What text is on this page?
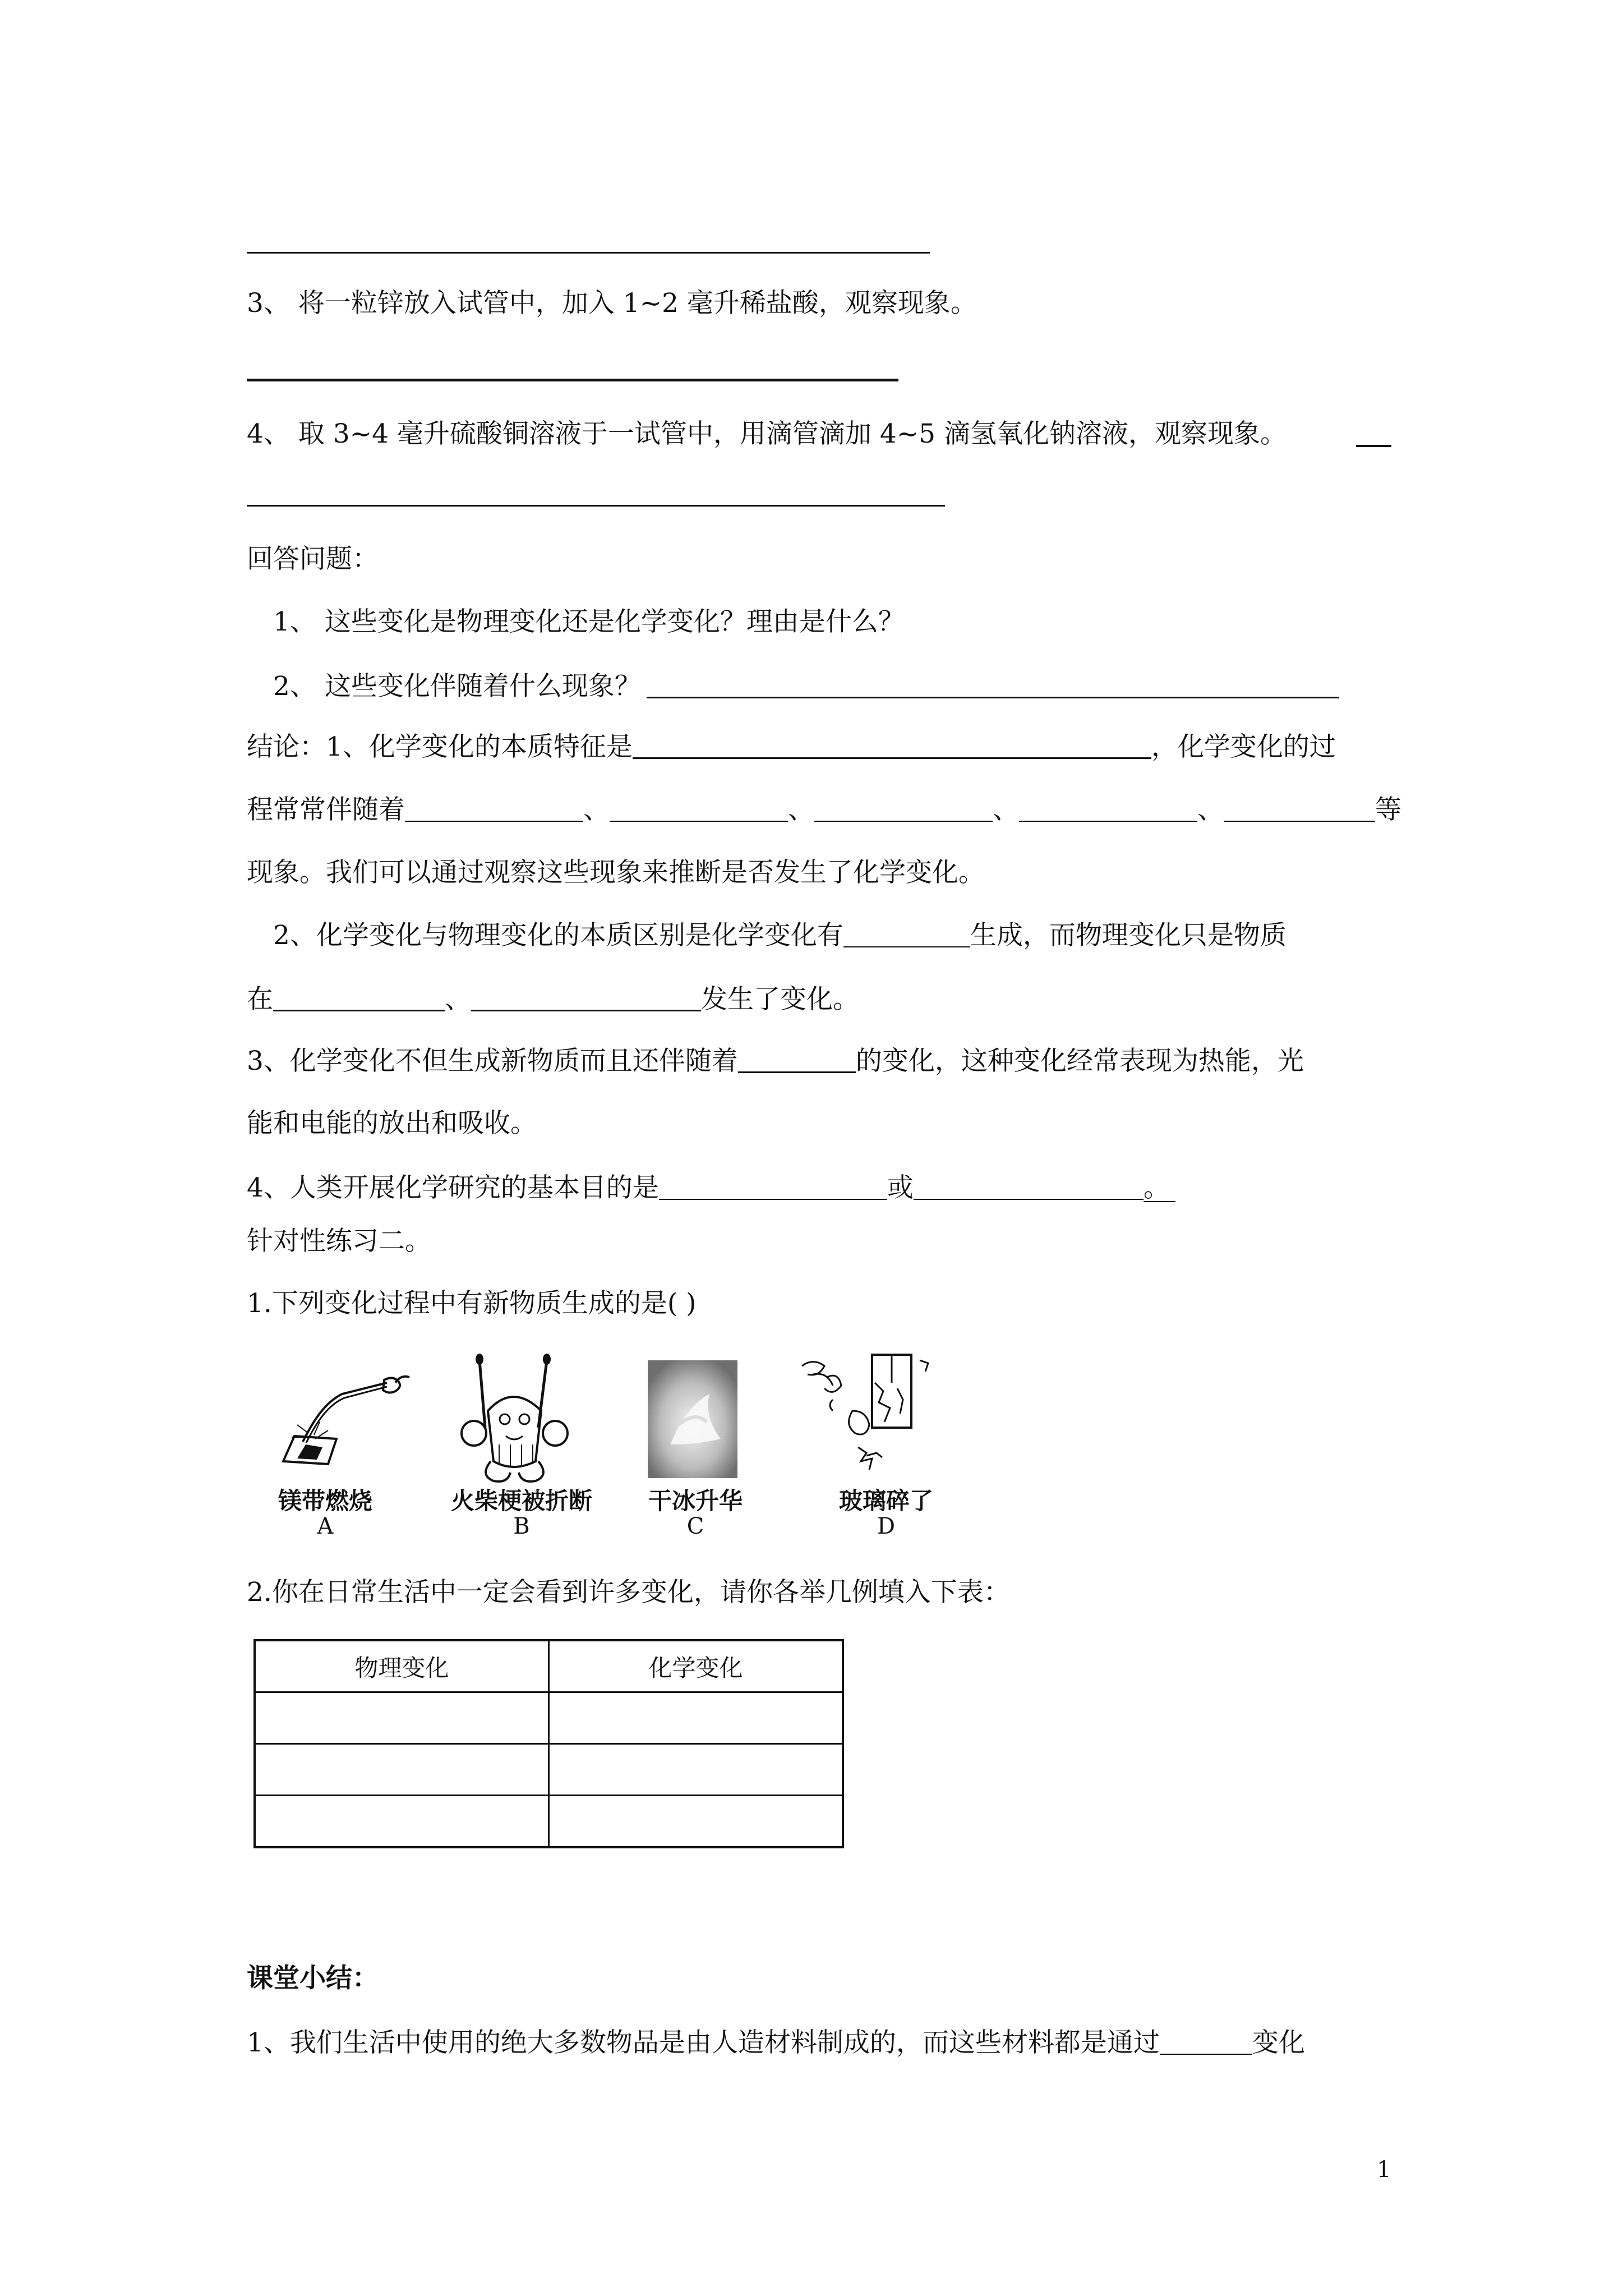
3、 将一粒锌放入试管中，加入 1~2 毫升稀盐酸，观察现象。
4、 取 3~4 毫升硫酸铜溶液于一试管中，用滴管滴加 4~5 滴氢氧化钠溶液，观察现象。
回答问题：
1、 这些变化是物理变化还是化学变化？理由是什么？
2、 这些变化伴随着什么现象？
结论：1、化学变化的本质特征是	，化学变化的过
程常常伴随着	、	、	、	、	等
现象。我们可以通过观察这些现象来推断是否发生了化学变化。
2、化学变化与物理变化的本质区别是化学变化有	生成，而物理变化只是物质
在	、	发生了变化。
3、化学变化不但生成新物质而且还伴随着	的变化，这种变化经常表现为热能，光
能和电能的放出和吸收。
4、人类开展化学研究的基本目的是	或	。
针对性练习二。
1.下列变化过程中有新物质生成的是( )
镁带燃烧
A
火柴梗被折断
B
干冰升华
C
玻璃碎了
D
2.你在日常生活中一定会看到许多变化，请你各举几例填入下表：
物理变化	化学变化

课堂小结：
1、我们生活中使用的绝大多数物品是由人造材料制成的，而这些材料都是通过	变化
1
